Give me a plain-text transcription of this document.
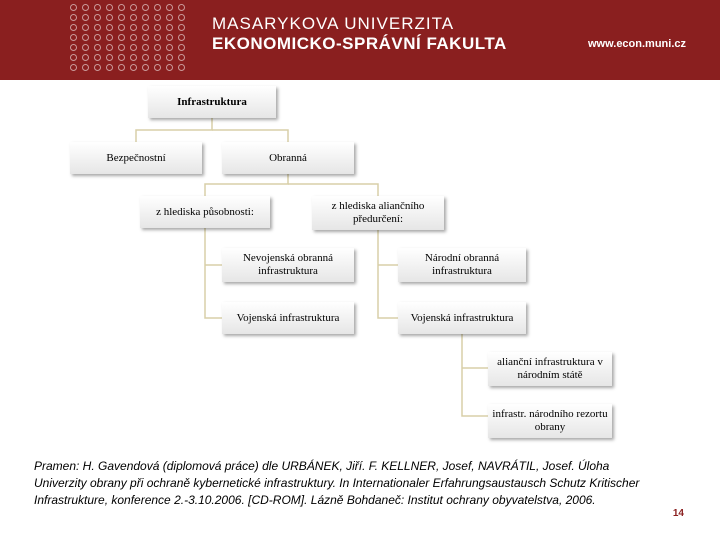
MASARYKOVA UNIVERZITA
EKONOMICKO-SPRÁVNÍ FAKULTA	www.econ.muni.cz
Infrastruktura
Bezpečnostní	Obranná
z hlediska působnosti:	z hlediska aliančního předurčení:
Nevojenská obranná infrastruktura
Vojenská infrastruktura
Národní obranná infrastruktura
Vojenská infrastruktura
alianční infrastruktura v národním státě
infrastr. národního rezortu obrany
Pramen: H. Gavendová (diplomová práce) dle URBÁNEK, Jiří. F. KELLNER, Josef, NAVRÁTIL, Josef. Úloha Univerzity obrany při ochraně kybernetické infrastruktury. In Internationaler Erfahrungsaustausch Schutz Kritischer Infrastrukture, konference 2.-3.10.2006. [CD-ROM]. Lázně Bohdaneč: Institut ochrany obyvatelstva, 2006.
14
